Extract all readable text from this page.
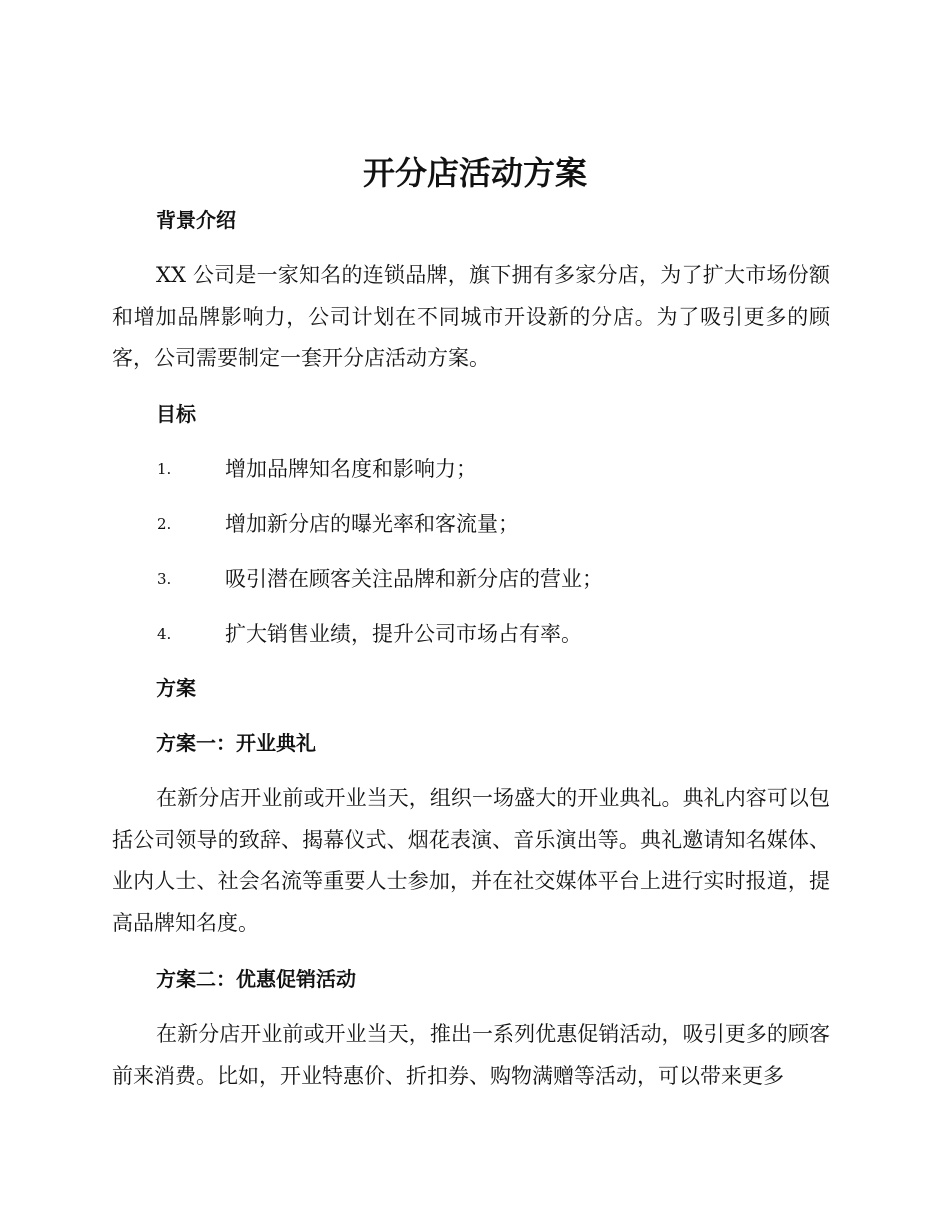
开分店活动方案
背景介绍

XX 公司是一家知名的连锁品牌，旗下拥有多家分店，为了扩大市场份额和增加品牌影响力，公司计划在不同城市开设新的分店。为了吸引更多的顾客，公司需要制定一套开分店活动方案。

目标
1.	增加品牌知名度和影响力；
2.	增加新分店的曝光率和客流量；
3.	吸引潜在顾客关注品牌和新分店的营业；
4.	扩大销售业绩，提升公司市场占有率。
方案
方案一：开业典礼

在新分店开业前或开业当天，组织一场盛大的开业典礼。典礼内容可以包括公司领导的致辞、揭幕仪式、烟花表演、音乐演出等。典礼邀请知名媒体、业内人士、社会名流等重要人士参加，并在社交媒体平台上进行实时报道，提高品牌知名度。

方案二：优惠促销活动

在新分店开业前或开业当天，推出一系列优惠促销活动，吸引更多的顾客前来消费。比如，开业特惠价、折扣券、购物满赠等活动，可以带来更多
